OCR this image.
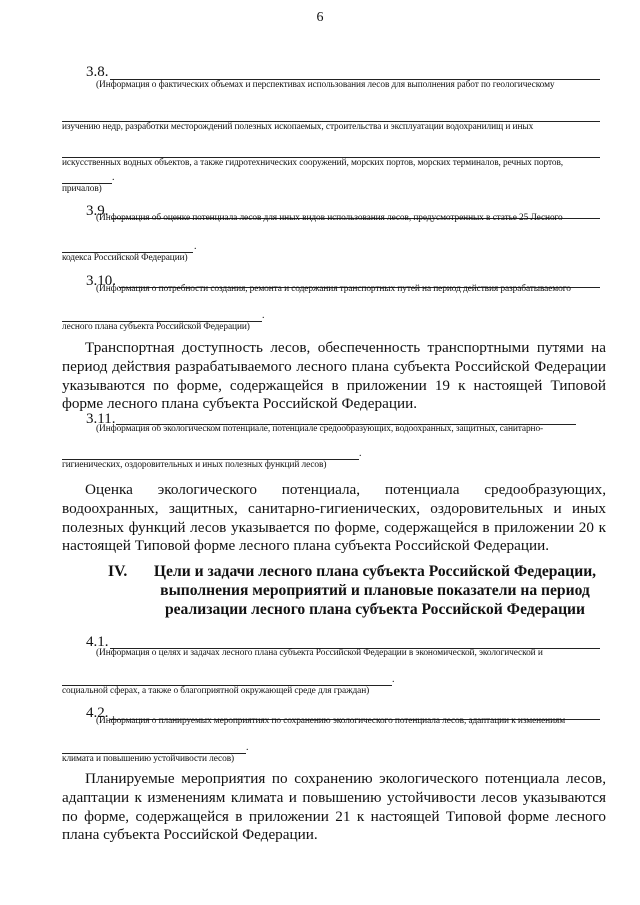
6
3.8.
(Информация о фактических объемах и перспективах использования лесов для выполнения работ по геологическому
изучению недр, разработки месторождений полезных ископаемых, строительства и эксплуатации водохранилищ и иных
искусственных водных объектов, а также гидротехнических сооружений, морских портов, морских терминалов, речных портов,
.
причалов)
3.9.
(Информация об оценке потенциала лесов для иных видов использования лесов, предусмотренных в статье 25 Лесного
.
кодекса Российской Федерации)
3.10.
(Информация о потребности создания, ремонта и содержания транспортных путей на период действия разрабатываемого
.
лесного плана субъекта Российской Федерации)
Транспортная доступность лесов, обеспеченность транспортными путями на период действия разрабатываемого лесного плана субъекта Российской Федерации указываются по форме, содержащейся в приложении 19 к настоящей Типовой форме лесного плана субъекта Российской Федерации.
3.11.
(Информация об экологическом потенциале, потенциале средообразующих, водоохранных, защитных, санитарно-
.
гигиенических, оздоровительных и иных полезных функций лесов)
Оценка экологического потенциала, потенциала средообразующих, водоохранных, защитных, санитарно-гигиенических, оздоровительных и иных полезных функций лесов указывается по форме, содержащейся в приложении 20 к настоящей Типовой форме лесного плана субъекта Российской Федерации.
IV.	Цели и задачи лесного плана субъекта Российской Федерации,
выполнения мероприятий и плановые показатели на период
реализации лесного плана субъекта Российской Федерации
4.1.
(Информация о целях и задачах лесного плана субъекта Российской Федерации в экономической, экологической и
.
социальной сферах, а также о благоприятной окружающей среде для граждан)
4.2.
(Информация о планируемых мероприятиях по сохранению экологического потенциала лесов, адаптации к изменениям
.
климата и повышению устойчивости лесов)
Планируемые мероприятия по сохранению экологического потенциала лесов, адаптации к изменениям климата и повышению устойчивости лесов указываются по форме, содержащейся в приложении 21 к настоящей Типовой форме лесного плана субъекта Российской Федерации.
